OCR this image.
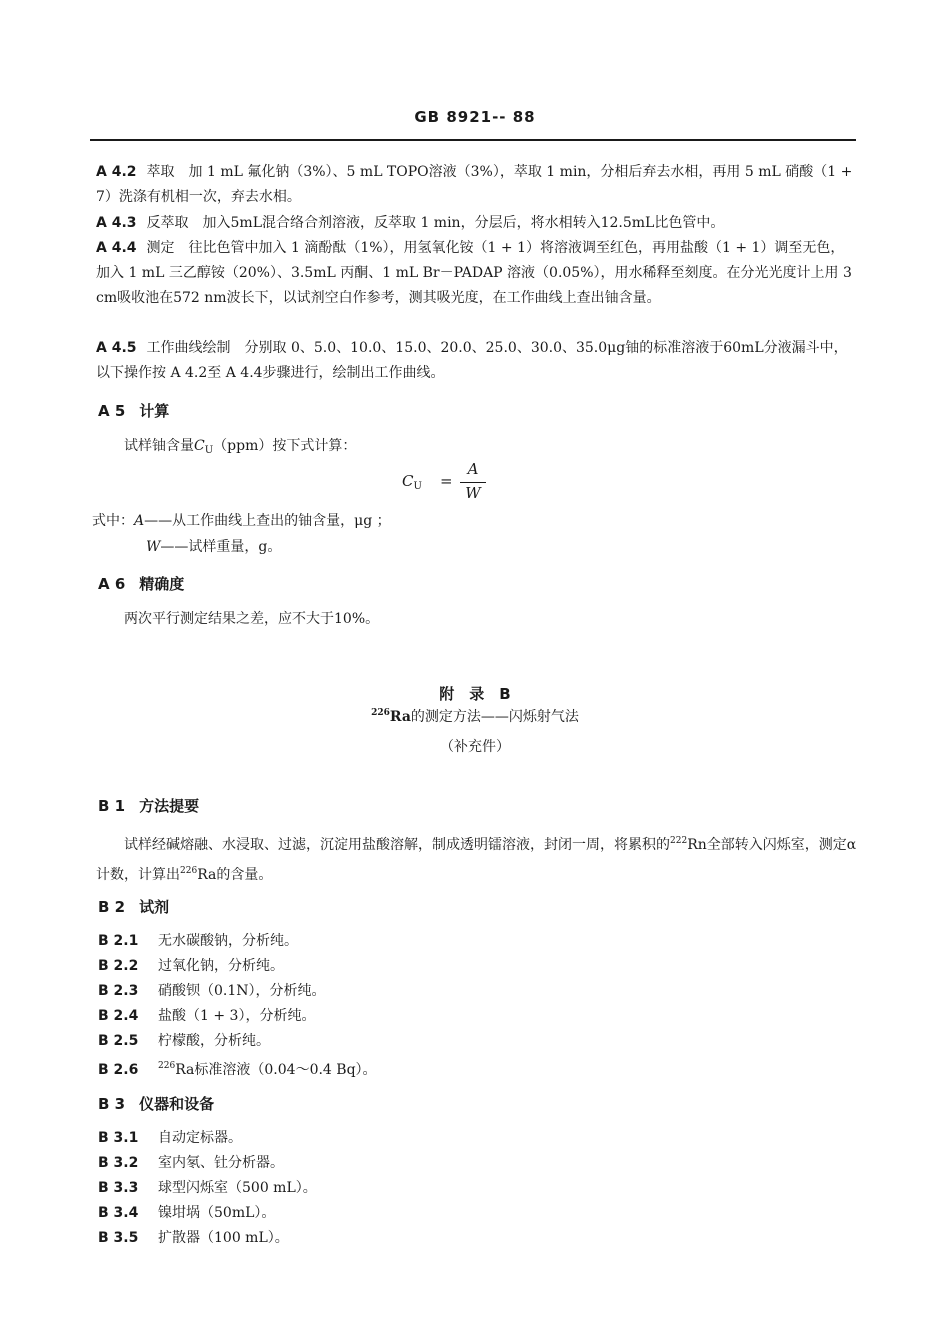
GB 8921-- 88
A 4.2 萃取　加 1 mL 氟化钠（3%）、5 mL TOPO溶液（3%），萃取 1 min，分相后弃去水相，再用 5 mL 硝酸（1 + 7）洗涤有机相一次，弃去水相。
A 4.3 反萃取　加入5mL混合络合剂溶液，反萃取 1 min，分层后，将水相转入12.5mL比色管中。
A 4.4 测定　往比色管中加入 1 滴酚酞（1%），用氢氧化铵（1 + 1）将溶液调至红色，再用盐酸（1 + 1）调至无色，加入 1 mL 三乙醇铵（20%）、3.5mL 丙酮、1 mL Br－PADAP 溶液（0.05%），用水稀释至刻度。在分光光度计上用 3 cm吸收池在572 nm波长下，以试剂空白作参考，测其吸光度，在工作曲线上查出铀含量。
A 4.5 工作曲线绘制　分别取 0、5.0、10.0、15.0、20.0、25.0、30.0、35.0μg铀的标准溶液于60mL分液漏斗中，以下操作按 A 4.2至 A 4.4步骤进行，绘制出工作曲线。
A 5 计算
试样铀含量$C_U(ppm)$按下式计算：
$C_U$ =
A
W
式中：A——从工作曲线上查出的铀含量，μg ；
W——试样重量，g。
A 6 精确度
两次平行测定结果之差，应不大于10%。
附　录　B
$^{226}$Ra的测定方法——闪烁射气法
（补充件）
B 1 方法提要
试样经碱熔融、水浸取、过滤，沉淀用盐酸溶解，制成透明镭溶液，封闭一周，将累积的$^{222}$Rn全部转入闪烁室，测定α计数，计算出$^{226}$Ra的含量。
B 2 试剂
B 2.1 无水碳酸钠，分析纯。
B 2.2 过氧化钠，分析纯。
B 2.3 硝酸钡（0.1N），分析纯。
B 2.4 盐酸（1 + 3），分析纯。
B 2.5 柠檬酸，分析纯。
B 2.6 $^{226}$Ra标准溶液（0.04～0.4 Bq）。
B 3 仪器和设备
B 3.1 自动定标器。
B 3.2 室内氡、钍分析器。
B 3.3 球型闪烁室（500 mL）。
B 3.4 镍坩埚（50mL）。
B 3.5 扩散器（100 mL）。
